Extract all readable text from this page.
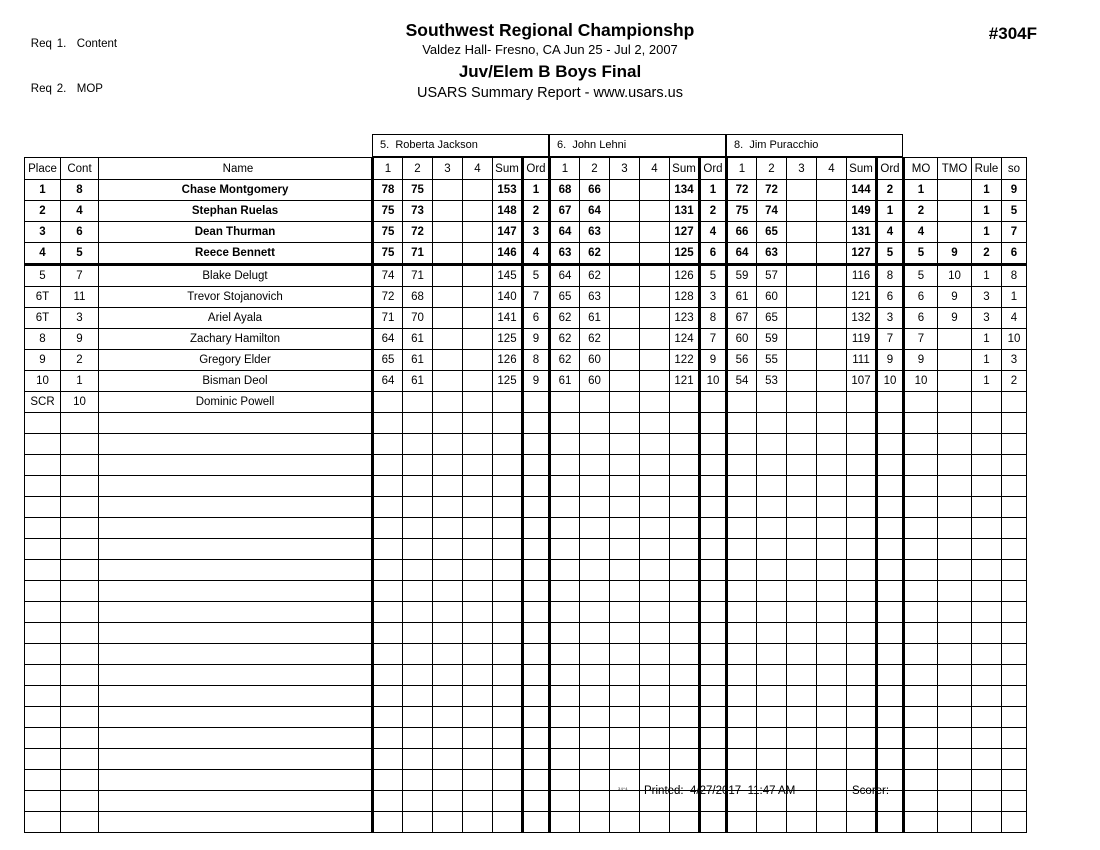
Req 1. Content

Req 2. MOP

Southwest Regional Championshp
Valdez Hall- Fresno, CA Jun 25 - Jul 2, 2007
Juv/Elem B Boys Final
USARS Summary Report - www.usars.us
#304F
5. Roberta Jackson	6. John Lehni	8. Jim Puracchio
Place	Cont	Name	1	2	3	4	Sum	Ord	1	2	3	4	Sum	Ord	1	2	3	4	Sum	Ord	MO	TMO	Rule	so
1	8	Chase Montgomery	78	75			153	1	68	66			134	1	72	72			144	2	1		1	9
2	4	Stephan Ruelas	75	73			148	2	67	64			131	2	75	74			149	1	2		1	5
3	6	Dean Thurman	75	72			147	3	64	63			127	4	66	65			131	4	4		1	7
4	5	Reece Bennett	75	71			146	4	63	62			125	6	64	63			127	5	5	9	2	6
5	7	Blake Delugt	74	71			145	5	64	62			126	5	59	57			116	8	5	10	1	8
6T	11	Trevor Stojanovich	72	68			140	7	65	63			128	3	61	60			121	6	6	9	3	1
6T	3	Ariel Ayala	71	70			141	6	62	61			123	8	67	65			132	3	6	9	3	4
8	9	Zachary Hamilton	64	61			125	9	62	62			124	7	60	59			119	7	7		1	10
9	2	Gregory Elder	65	61			126	8	62	60			122	9	56	55			111	9	9		1	3
10	1	Bisman Deol	64	61			125	9	61	60			121	10	54	53			107	10	10		1	2
SCR	10	Dominic Powell																						

34*4 Printed:  4/27/2017  11:47 AM	Scorer:
